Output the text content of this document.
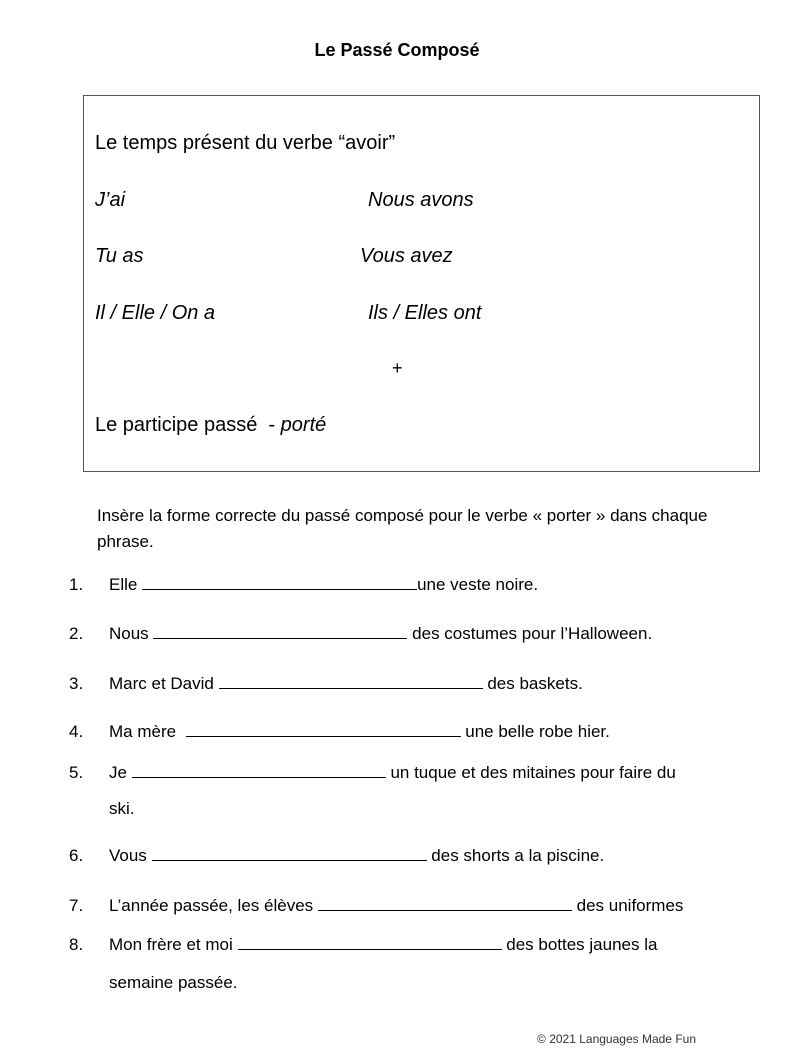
Le Passé Composé
Le temps présent du verbe “avoir”
J’ai	Nous avons
Tu as	Vous avez
Il / Elle / On a	Ils / Elles ont
+
Le participe passé  - porté
Insère la forme correcte du passé composé pour le verbe « porter » dans chaque phrase.
1. Elle	une veste noire.
2. Nous	des costumes pour l’Halloween.
3. Marc et David	des baskets.
4. Ma mère	une belle robe hier.
5. Je	un tuque et des mitaines pour faire du
ski.
6. Vous	des shorts a la piscine.
7. L’année passée, les élèves	des uniformes
8. Mon frère et moi	des bottes jaunes la
semaine passée.
© 2021 Languages Made Fun
